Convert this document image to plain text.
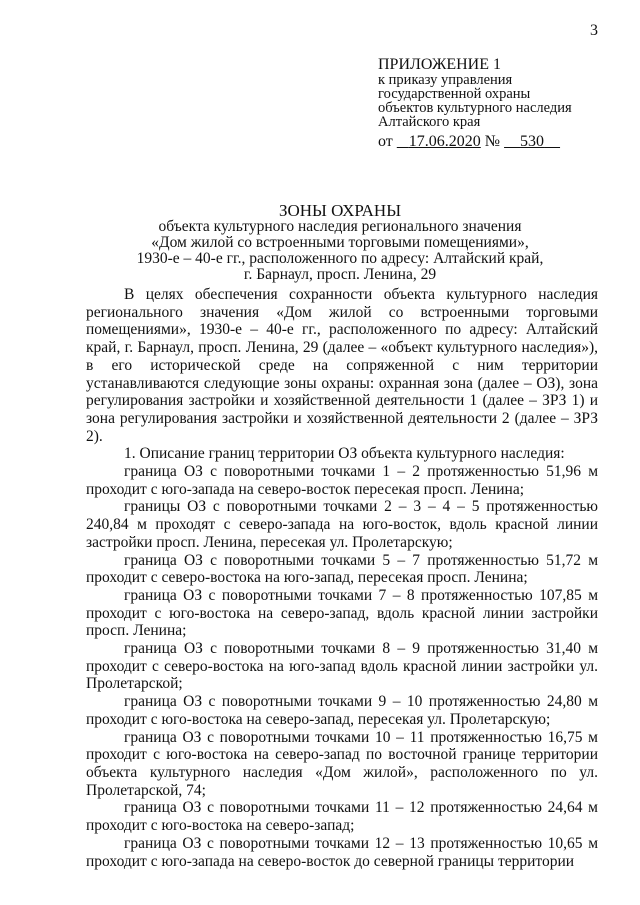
3
ПРИЛОЖЕНИЕ 1
к приказу управления
государственной охраны
объектов культурного наследия
Алтайского края
от 17.06.2020 № 530
ЗОНЫ ОХРАНЫ
объекта культурного наследия регионального значения
«Дом жилой со встроенными торговыми помещениями»,
1930-е – 40-е гг., расположенного по адресу: Алтайский край,
г. Барнаул, просп. Ленина, 29

В целях обеспечения сохранности объекта культурного наследия регионального значения «Дом жилой со встроенными торговыми помещениями», 1930-е – 40-е гг., расположенного по адресу: Алтайский край, г. Барнаул, просп. Ленина, 29 (далее – «объект культурного наследия»), в его исторической среде на сопряженной с ним территории устанавливаются следующие зоны охраны: охранная зона (далее – ОЗ), зона регулирования застройки и хозяйственной деятельности 1 (далее – ЗРЗ 1) и зона регулирования застройки и хозяйственной деятельности 2 (далее – ЗРЗ 2).

1. Описание границ территории ОЗ объекта культурного наследия:

граница ОЗ с поворотными точками 1 – 2 протяженностью 51,96 м проходит с юго-запада на северо-восток пересекая просп. Ленина;

границы ОЗ с поворотными точками 2 – 3 – 4 – 5 протяженностью 240,84 м проходят с северо-запада на юго-восток, вдоль красной линии застройки просп. Ленина, пересекая ул. Пролетарскую;

граница ОЗ с поворотными точками 5 – 7 протяженностью 51,72 м проходит с северо-востока на юго-запад, пересекая просп. Ленина;

граница ОЗ с поворотными точками 7 – 8 протяженностью 107,85 м проходит с юго-востока на северо-запад, вдоль красной линии застройки просп. Ленина;

граница ОЗ с поворотными точками 8 – 9 протяженностью 31,40 м проходит с северо-востока на юго-запад вдоль красной линии застройки ул. Пролетарской;

граница ОЗ с поворотными точками 9 – 10 протяженностью 24,80 м проходит с юго-востока на северо-запад, пересекая ул. Пролетарскую;

граница ОЗ с поворотными точками 10 – 11 протяженностью 16,75 м проходит с юго-востока на северо-запад по восточной границе территории объекта культурного наследия «Дом жилой», расположенного по ул. Пролетарской, 74;

граница ОЗ с поворотными точками 11 – 12 протяженностью 24,64 м проходит с юго-востока на северо-запад;

граница ОЗ с поворотными точками 12 – 13 протяженностью 10,65 м проходит с юго-запада на северо-восток до северной границы территории
